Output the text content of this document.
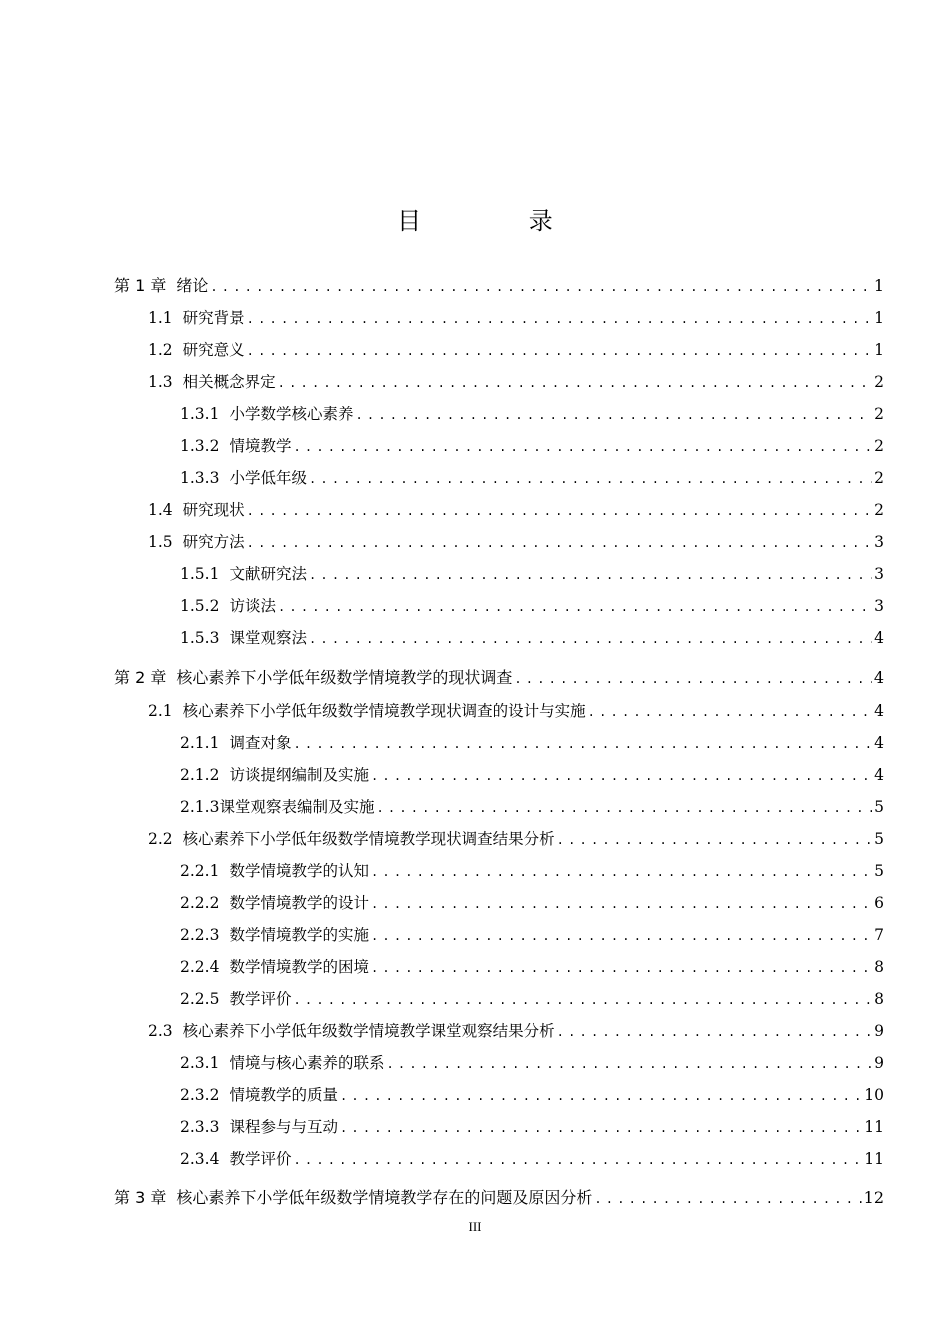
目 录
第 1 章 绪论 .....	1
1.1 研究背景 .....	1
1.2 研究意义 .....	1
1.3 相关概念界定 .....	2
1.3.1 小学数学核心素养 .....	2
1.3.2 情境教学 .....	2
1.3.3 小学低年级 .....	2
1.4 研究现状 .....	2
1.5 研究方法 .....	3
1.5.1 文献研究法 .....	3
1.5.2 访谈法 .....	3
1.5.3 课堂观察法 .....	4
第 2 章 核心素养下小学低年级数学情境教学的现状调查 .....	4
2.1 核心素养下小学低年级数学情境教学现状调查的设计与实施 .....	4
2.1.1 调查对象 .....	4
2.1.2 访谈提纲编制及实施 .....	4
2.1.3课堂观察表编制及实施 .....	5
2.2 核心素养下小学低年级数学情境教学现状调查结果分析 .....	5
2.2.1 数学情境教学的认知 .....	5
2.2.2 数学情境教学的设计 .....	6
2.2.3 数学情境教学的实施 .....	7
2.2.4 数学情境教学的困境 .....	8
2.2.5 教学评价 .....	8
2.3 核心素养下小学低年级数学情境教学课堂观察结果分析 .....	9
2.3.1 情境与核心素养的联系 .....	9
2.3.2 情境教学的质量 .....	10
2.3.3 课程参与与互动 .....	11
2.3.4 教学评价 .....	11
第 3 章 核心素养下小学低年级数学情境教学存在的问题及原因分析 .....	12
III
